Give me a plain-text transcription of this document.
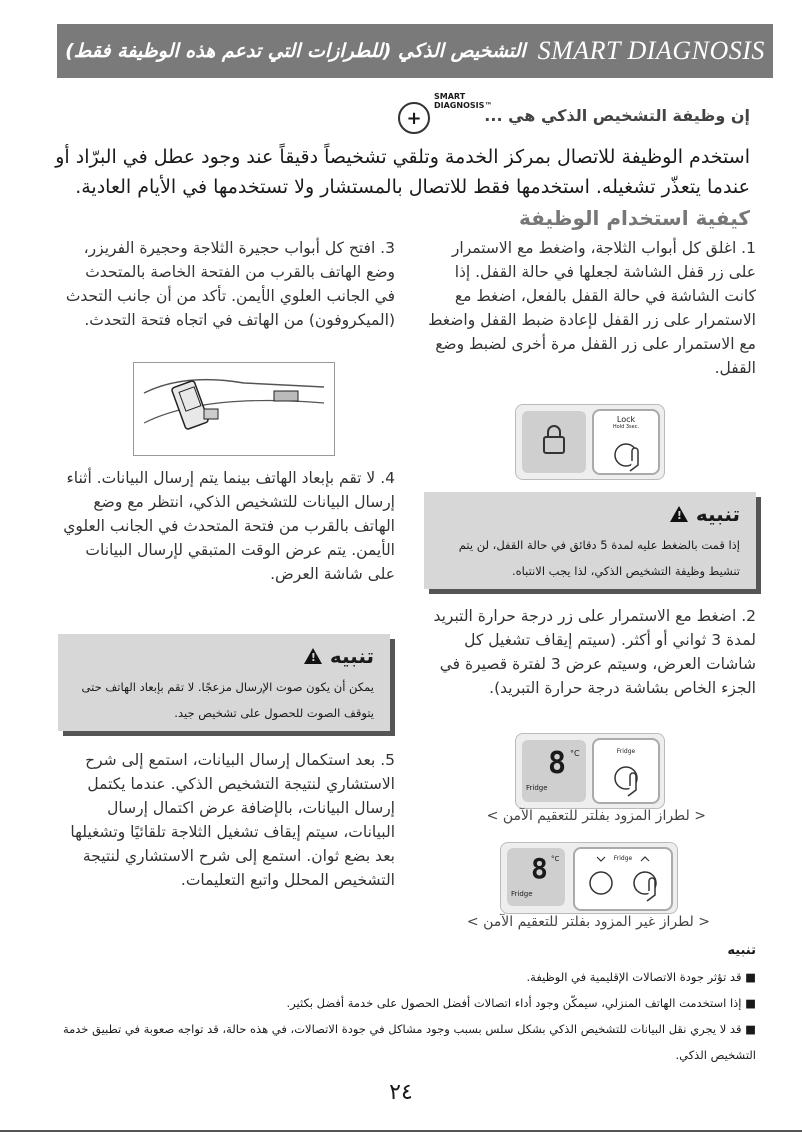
التشخيص الذكي (للطرازات التي تدعم هذه الوظيفة فقط) SMART DIAGNOSIS
+
SMART
DIAGNOSIS™
إن وظيفة التشخيص الذكي هي ...
استخدم الوظيفة للاتصال بمركز الخدمة وتلقي تشخيصاً دقيقاً عند وجود عطل في البرّاد أو عندما يتعذّر تشغيله. استخدمها فقط للاتصال بالمستشار ولا تستخدمها في الأيام العادية.
كيفية استخدام الوظيفة
1. اغلق كل أبواب الثلاجة، واضغط مع الاستمرار على زر قفل الشاشة لجعلها في حالة القفل. إذا كانت الشاشة في حالة القفل بالفعل، اضغط مع الاستمرار على زر القفل لإعادة ضبط القفل واضغط مع الاستمرار على زر القفل مرة أخرى لضبط وضع القفل.
Lock
Hold 3sec.
تنبيه
!
إذا قمت بالضغط عليه لمدة 5 دقائق في حالة القفل، لن يتم تنشيط وظيفة التشخيص الذكي، لذا يجب الانتباه.
2. اضغط مع الاستمرار على زر درجة حرارة التبريد لمدة 3 ثواني أو أكثر. (سيتم إيقاف تشغيل كل شاشات العرض، وسيتم عرض 3 لفترة قصيرة في الجزء الخاص بشاشة درجة حرارة التبريد).
8 °C
Fridge
Fridge
< لطراز المزود بفلتر للتعقيم الآمن >
8 °C
Fridge
Fridge
< لطراز غير المزود بفلتر للتعقيم الآمن >
3. افتح كل أبواب حجيرة الثلاجة وحجيرة الفريزر، وضع الهاتف بالقرب من الفتحة الخاصة بالمتحدث في الجانب العلوي الأيمن. تأكد من أن جانب التحدث (الميكروفون) من الهاتف في اتجاه فتحة التحدث.
4. لا تقم بإبعاد الهاتف بينما يتم إرسال البيانات. أثناء إرسال البيانات للتشخيص الذكي، انتظر مع وضع الهاتف بالقرب من فتحة المتحدث في الجانب العلوي الأيمن. يتم عرض الوقت المتبقي لإرسال البيانات على شاشة العرض.
تنبيه
!
يمكن أن يكون صوت الإرسال مزعجًا. لا تقم بإبعاد الهاتف حتى يتوقف الصوت للحصول على تشخيص جيد.
5. بعد استكمال إرسال البيانات، استمع إلى شرح الاستشاري لنتيجة التشخيص الذكي. عندما يكتمل إرسال البيانات، بالإضافة عرض اكتمال إرسال البيانات، سيتم إيقاف تشغيل الثلاجة تلقائيًا وتشغيلها بعد بضع ثوان. استمع إلى شرح الاستشاري لنتيجة التشخيص المحلل واتبع التعليمات.
تنبيه
■ قد تؤثر جودة الاتصالات الإقليمية في الوظيفة.
■ إذا استخدمت الهاتف المنزلي، سيمكّن وجود أداء اتصالات أفضل الحصول على خدمة أفضل بكثير.
■ قد لا يجري نقل البيانات للتشخيص الذكي بشكل سلس بسبب وجود مشاكل في جودة الاتصالات، في هذه حالة، قد تواجه صعوبة في تطبيق خدمة التشخيص الذكي.
٢٤
